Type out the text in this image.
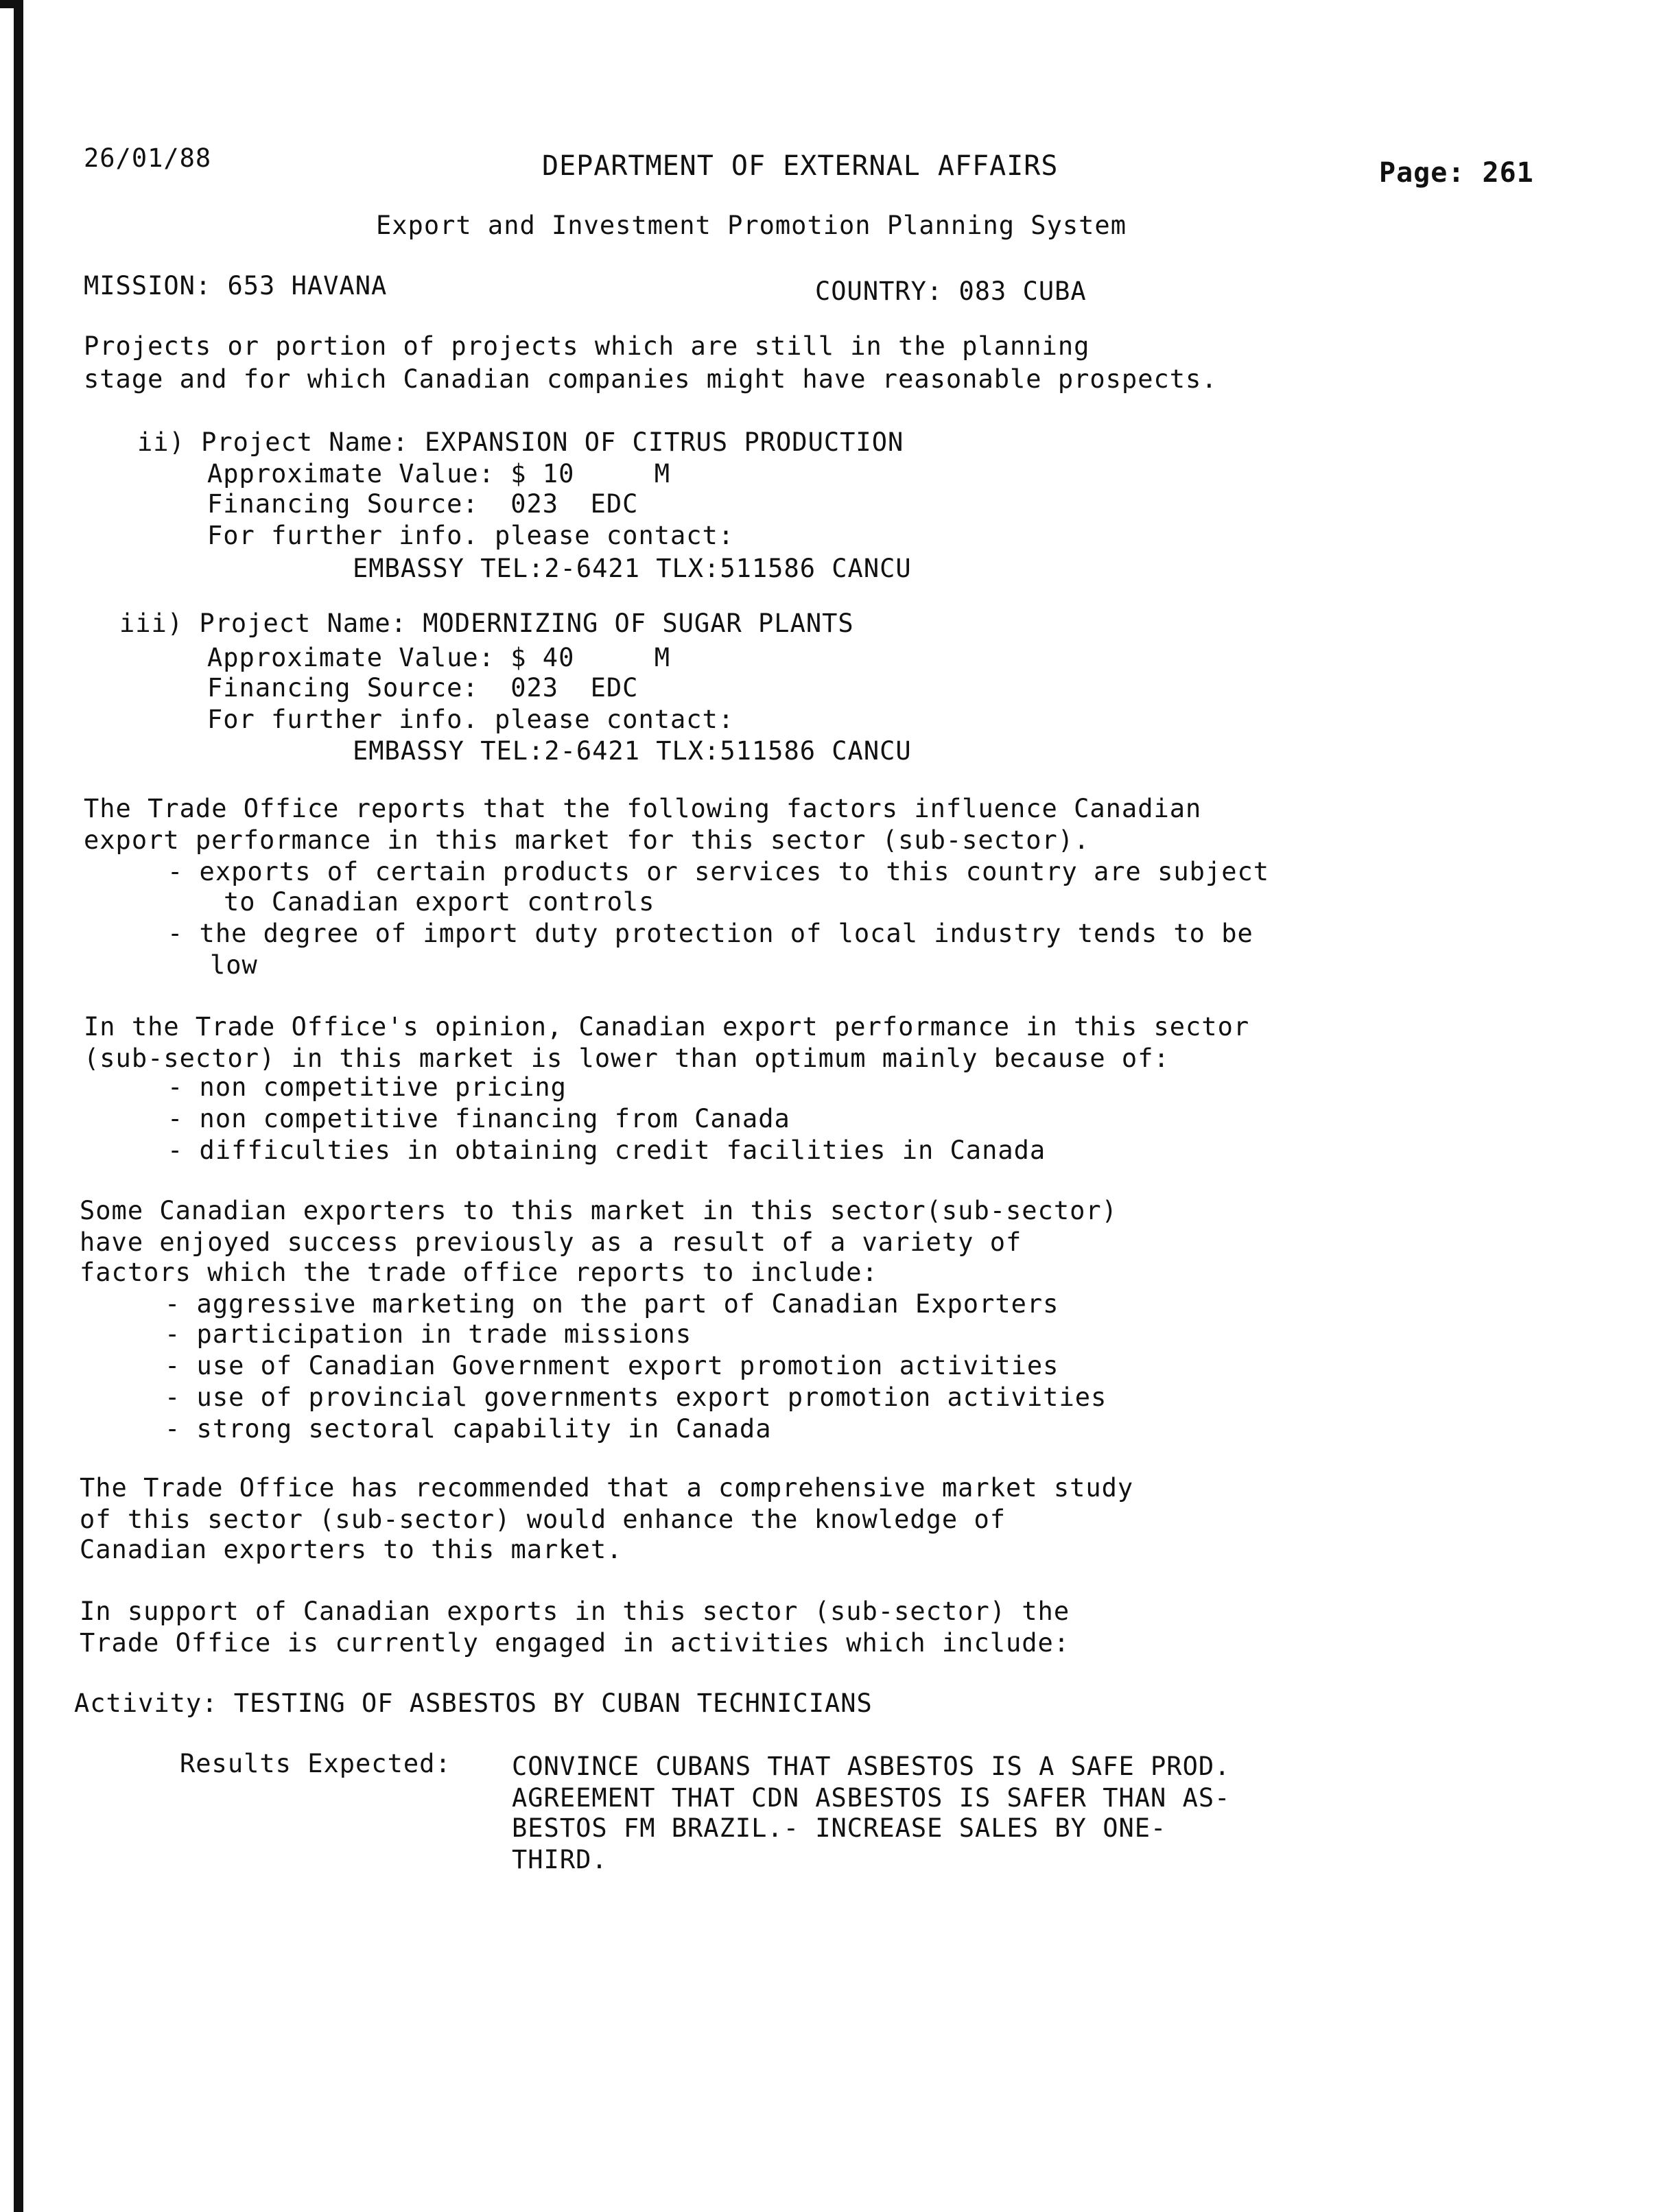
26/01/88	DEPARTMENT OF EXTERNAL AFFAIRS	Page: 261
Export and Investment Promotion Planning System
MISSION: 653 HAVANA	COUNTRY: 083 CUBA
Projects or portion of projects which are still in the planning
stage and for which Canadian companies might have reasonable prospects.
ii) Project Name: EXPANSION OF CITRUS PRODUCTION
Approximate Value: $ 10     M
Financing Source:  023  EDC
For further info. please contact:
EMBASSY TEL:2-6421 TLX:511586 CANCU
iii) Project Name: MODERNIZING OF SUGAR PLANTS
Approximate Value: $ 40     M
Financing Source:  023  EDC
For further info. please contact:
EMBASSY TEL:2-6421 TLX:511586 CANCU
The Trade Office reports that the following factors influence Canadian
export performance in this market for this sector (sub-sector).
- exports of certain products or services to this country are subject
to Canadian export controls
- the degree of import duty protection of local industry tends to be
low
In the Trade Office's opinion, Canadian export performance in this sector
(sub-sector) in this market is lower than optimum mainly because of:
- non competitive pricing
- non competitive financing from Canada
- difficulties in obtaining credit facilities in Canada
Some Canadian exporters to this market in this sector(sub-sector)
have enjoyed success previously as a result of a variety of
factors which the trade office reports to include:
- aggressive marketing on the part of Canadian Exporters
- participation in trade missions
- use of Canadian Government export promotion activities
- use of provincial governments export promotion activities
- strong sectoral capability in Canada
The Trade Office has recommended that a comprehensive market study
of this sector (sub-sector) would enhance the knowledge of
Canadian exporters to this market.
In support of Canadian exports in this sector (sub-sector) the
Trade Office is currently engaged in activities which include:
Activity: TESTING OF ASBESTOS BY CUBAN TECHNICIANS
Results Expected: CONVINCE CUBANS THAT ASBESTOS IS A SAFE PROD.
AGREEMENT THAT CDN ASBESTOS IS SAFER THAN AS-
BESTOS FM BRAZIL.- INCREASE SALES BY ONE-
THIRD.
